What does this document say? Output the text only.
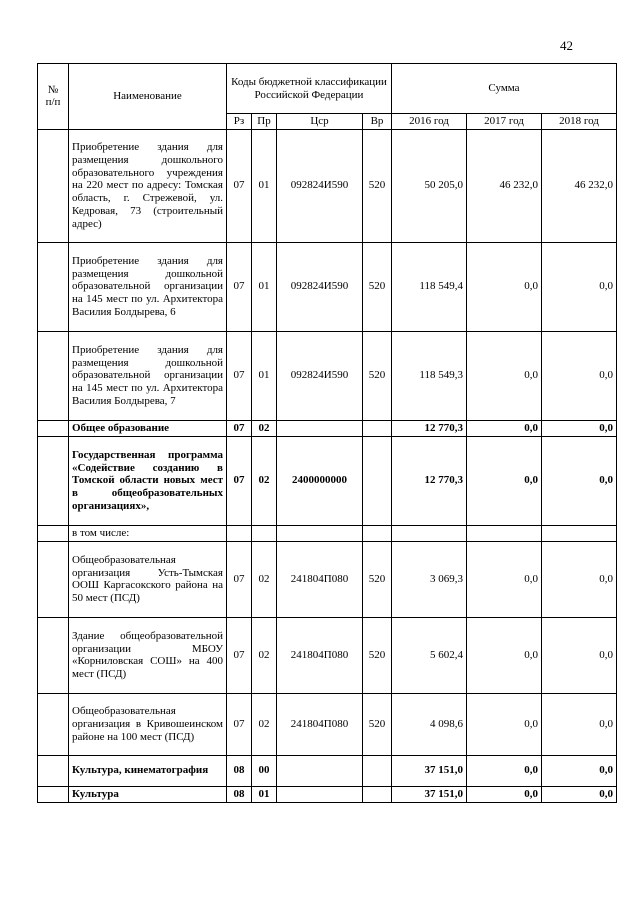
42
№
п/п	Наименование	Коды бюджетной классификации Российской Федерации				Сумма		
		Рз	Пр	Цср	Вр	2016 год	2017 год	2018 год
	Приобретение здания для размещения дошкольного образовательного учреждения на 220 мест по адресу: Томская область, г. Стрежевой, ул. Кедровая, 73 (строительный адрес)	07	01	092824И590	520	50 205,0	46 232,0	46 232,0
	Приобретение здания для размещения дошкольной образовательной организации на 145 мест по ул. Архитектора Василия Болдырева, 6	07	01	092824И590	520	118 549,4	0,0	0,0
	Приобретение здания для размещения дошкольной образовательной организации на 145 мест по ул. Архитектора Василия Болдырева, 7	07	01	092824И590	520	118 549,3	0,0	0,0
	Общее образование	07	02			12 770,3	0,0	0,0
	Государственная программа «Содействие созданию в Томской области новых мест в общеобразовательных организациях»,	07	02	2400000000		12 770,3	0,0	0,0
	в том числе:							
	Общеобразовательная организация Усть-Тымская ООШ Каргасокского района на 50 мест (ПСД)	07	02	241804П080	520	3 069,3	0,0	0,0
	Здание общеобразовательной организации МБОУ «Корниловская СОШ» на 400 мест (ПСД)	07	02	241804П080	520	5 602,4	0,0	0,0
	Общеобразовательная организация в Кривошеинском районе на 100 мест (ПСД)	07	02	241804П080	520	4 098,6	0,0	0,0
	Культура, кинематография	08	00			37 151,0	0,0	0,0
	Культура	08	01			37 151,0	0,0	0,0
